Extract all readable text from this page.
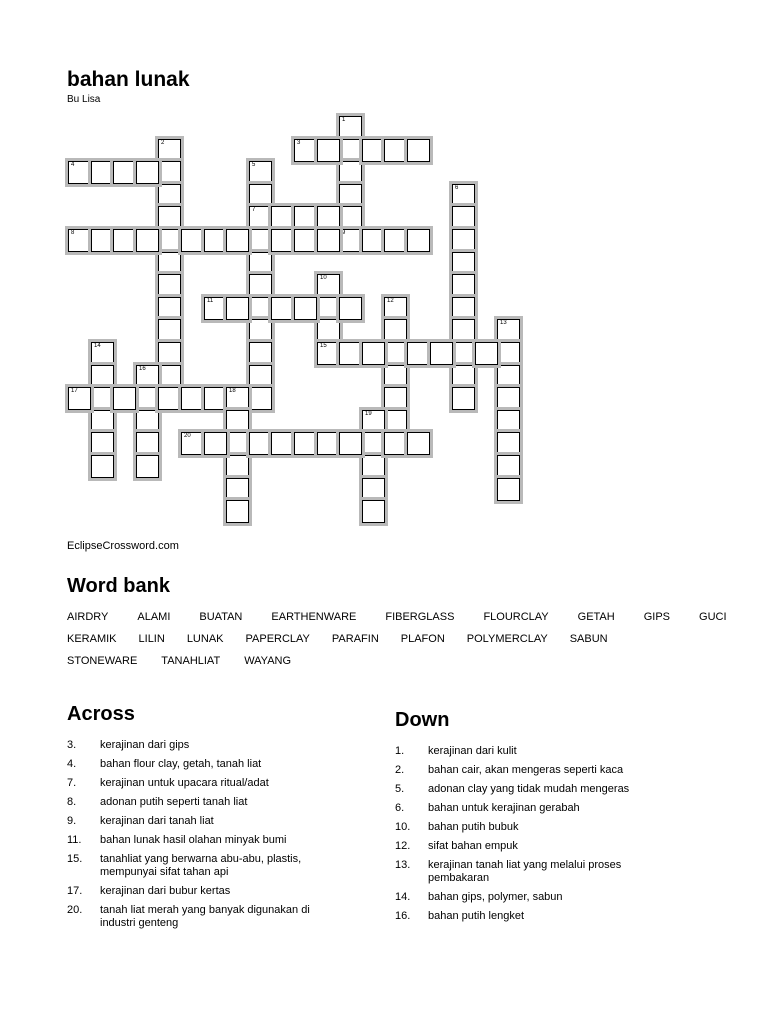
bahan lunak
Bu Lisa
1
9
2	3
4	5
7
6
8
10
15
11	12
13
14
16
17	18
19
20
EclipseCrossword.com
Word bank
AIRDRY	ALAMI	BUATAN	EARTHENWARE	FIBERGLASS	FLOURCLAY	GETAH	GIPS	GUCI
KERAMIK LILIN LUNAK PAPERCLAY PARAFIN PLAFON POLYMERCLAY SABUN
STONEWARE TANAHLIAT WAYANG
Across	Down
3.	kerajinan dari gips
4.	bahan flour clay, getah, tanah liat
7.	kerajinan untuk upacara ritual/adat
8.	adonan putih seperti tanah liat
9.	kerajinan dari tanah liat
11.	bahan lunak hasil olahan minyak bumi
15.	tanahliat yang berwarna abu-abu, plastis, mempunyai sifat tahan api
17.	kerajinan dari bubur kertas
20.	tanah liat merah yang banyak digunakan di industri genteng
1.	kerajinan dari kulit
2.	bahan cair, akan mengeras seperti kaca
5.	adonan clay yang tidak mudah mengeras
6.	bahan untuk kerajinan gerabah
10.	bahan putih bubuk
12.	sifat bahan empuk
13.	kerajinan tanah liat yang melalui proses pembakaran
14.	bahan gips, polymer, sabun
16.	bahan putih lengket
